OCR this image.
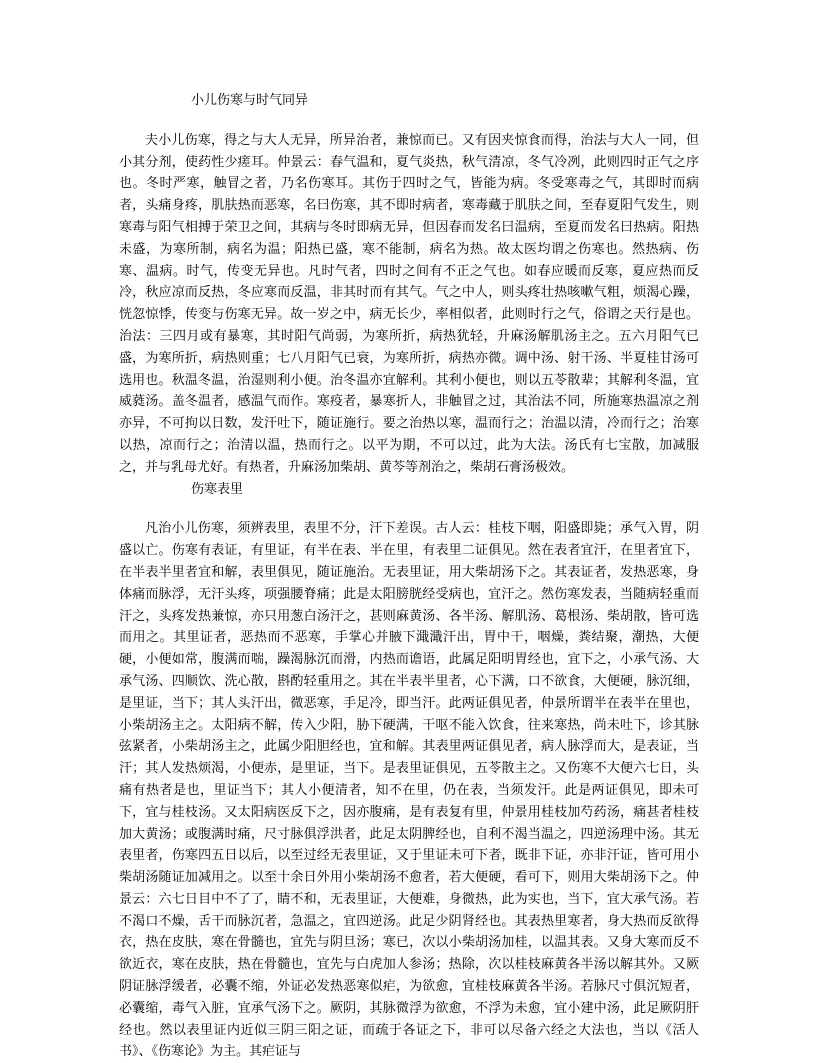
小儿伤寒与时气同异

夫小儿伤寒，得之与大人无异，所异治者，兼惊而已。又有因夹惊食而得，治法与大人一同，但小其分剂，使药性少瘥耳。仲景云：春气温和，夏气炎热，秋气清凉，冬气冷冽，此则四时正气之序也。冬时严寒，触冒之者，乃名伤寒耳。其伤于四时之气，皆能为病。冬受寒毒之气，其即时而病者，头痛身疼，肌肤热而恶寒，名曰伤寒，其不即时病者，寒毒藏于肌肤之间，至春夏阳气发生，则寒毒与阳气相搏于荣卫之间，其病与冬时即病无异，但因春而发名曰温病，至夏而发名曰热病。阳热未盛，为寒所制，病名为温；阳热已盛，寒不能制，病名为热。故太医均谓之伤寒也。然热病、伤寒、温病。时气，传变无异也。凡时气者，四时之间有不正之气也。如春应暖而反寒，夏应热而反冷，秋应凉而反热，冬应寒而反温，非其时而有其气。气之中人，则头疼壮热咳嗽气粗，烦渴心躁，恍忽惊悸，传变与伤寒无异。故一岁之中，病无长少，率相似者，此则时行之气，俗谓之天行是也。治法：三四月或有暴寒，其时阳气尚弱，为寒所折，病热犹轻，升麻汤解肌汤主之。五六月阳气已盛，为寒所折，病热则重；七八月阳气已衰，为寒所折，病热亦微。调中汤、射干汤、半夏桂甘汤可选用也。秋温冬温，治湿则利小便。治冬温亦宜解利。其利小便也，则以五苓散辈；其解利冬温，宜威蕤汤。盖冬温者，感温气而作。寒疫者，暴寒折人，非触冒之过，其治法不同，所施寒热温凉之剂亦异，不可拘以日数，发汗吐下，随证施行。要之治热以寒，温而行之；治温以清，冷而行之；治寒以热，凉而行之；治清以温，热而行之。以平为期，不可以过，此为大法。汤氏有七宝散，加减服之，并与乳母尤好。有热者，升麻汤加柴胡、黄芩等剂治之，柴胡石膏汤极效。

伤寒表里

凡治小儿伤寒，须辨表里，表里不分，汗下差误。古人云：桂枝下咽，阳盛即毙；承气入胃，阴盛以亡。伤寒有表证，有里证，有半在表、半在里，有表里二证俱见。然在表者宜汗，在里者宜下，在半表半里者宜和解，表里俱见，随证施治。无表里证，用大柴胡汤下之。其表证者，发热恶寒，身体痛而脉浮，无汗头疼，项强腰脊痛；此是太阳膀胱经受病也，宜汗之。然伤寒发表，当随病轻重而汗之，头疼发热兼惊，亦只用葱白汤汗之，甚则麻黄汤、各半汤、解肌汤、葛根汤、柴胡散，皆可选而用之。其里证者，恶热而不恶寒，手掌心并腋下濈濈汗出，胃中干，咽燥，粪结聚，潮热，大便硬，小便如常，腹满而喘，躁渴脉沉而滑，内热而谵语，此属足阳明胃经也，宜下之，小承气汤、大承气汤、四顺饮、洗心散，斟酌轻重用之。其在半表半里者，心下满，口不欲食，大便硬，脉沉细，是里证，当下；其人头汗出，微恶寒，手足冷，即当汗。此两证俱见者，仲景所谓半在表半在里也，小柴胡汤主之。太阳病不解，传入少阳，胁下硬满，干呕不能入饮食，往来寒热，尚未吐下，诊其脉弦紧者，小柴胡汤主之，此属少阳胆经也，宜和解。其表里两证俱见者，病人脉浮而大，是表证，当汗；其人发热烦渴，小便赤，是里证，当下。是表里证俱见，五苓散主之。又伤寒不大便六七日，头痛有热者是也，里证当下；其人小便清者，知不在里，仍在表，当须发汗。此是两证俱见，即未可下，宜与桂枝汤。又太阳病医反下之，因亦腹痛，是有表复有里，仲景用桂枝加芍药汤，痛甚者桂枝加大黄汤；或腹满时痛，尺寸脉俱浮洪者，此足太阴脾经也，自利不渴当温之，四逆汤理中汤。其无表里者，伤寒四五日以后，以至过经无表里证，又于里证未可下者，既非下证，亦非汗证，皆可用小柴胡汤随证加减用之。以至十余日外用小柴胡汤不愈者，若大便硬，看可下，则用大柴胡汤下之。仲景云：六七日目中不了了，睛不和，无表里证，大便难，身微热，此为实也，当下，宜大承气汤。若不渴口不燥，舌干而脉沉者，急温之，宜四逆汤。此足少阴肾经也。其表热里寒者，身大热而反欲得衣，热在皮肤，寒在骨髓也，宜先与阴旦汤；寒已，次以小柴胡汤加桂，以温其表。又身大寒而反不欲近衣，寒在皮肤，热在骨髓也，宜先与白虎加人参汤；热除，次以桂枝麻黄各半汤以解其外。又厥阴证脉浮缓者，必囊不缩，外证必发热恶寒似疟，为欲愈，宜桂枝麻黄各半汤。若脉尺寸俱沉短者，必囊缩，毒气入脏，宜承气汤下之。厥阴，其脉微浮为欲愈，不浮为未愈，宜小建中汤，此足厥阴肝经也。然以表里证内近似三阴三阳之证，而疏于各证之下，非可以尽备六经之大法也，当以《活人书》、《伤寒论》为主。其疟证与
